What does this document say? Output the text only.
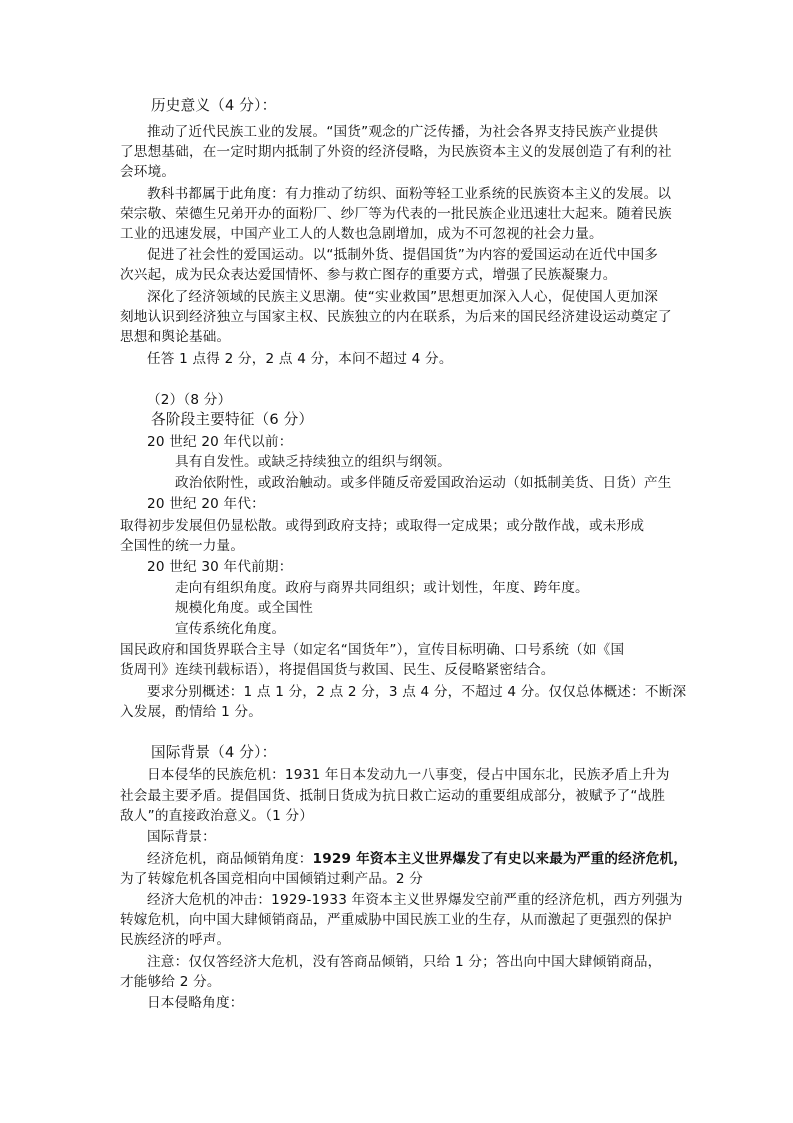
历史意义（4 分）：
推动了近代民族工业的发展。“国货”观念的广泛传播，为社会各界支持民族产业提供
了思想基础，在一定时期内抵制了外资的经济侵略，为民族资本主义的发展创造了有利的社
会环境。
教科书都属于此角度：有力推动了纺织、面粉等轻工业系统的民族资本主义的发展。以
荣宗敬、荣德生兄弟开办的面粉厂、纱厂等为代表的一批民族企业迅速壮大起来。随着民族
工业的迅速发展，中国产业工人的人数也急剧增加，成为不可忽视的社会力量。
促进了社会性的爱国运动。以“抵制外货、提倡国货”为内容的爱国运动在近代中国多
次兴起，成为民众表达爱国情怀、参与救亡图存的重要方式，增强了民族凝聚力。
深化了经济领域的民族主义思潮。使“实业救国”思想更加深入人心，促使国人更加深
刻地认识到经济独立与国家主权、民族独立的内在联系，为后来的国民经济建设运动奠定了
思想和舆论基础。
任答 1 点得 2 分，2 点 4 分，本问不超过 4 分。
（2）（8 分）
各阶段主要特征（6 分）
20 世纪 20 年代以前：
具有自发性。或缺乏持续独立的组织与纲领。
政治依附性，或政治触动。或多伴随反帝爱国政治运动（如抵制美货、日货）产生
20 世纪 20 年代：
取得初步发展但仍显松散。或得到政府支持；或取得一定成果；或分散作战，或未形成
全国性的统一力量。
20 世纪 30 年代前期：
走向有组织角度。政府与商界共同组织；或计划性，年度、跨年度。
规模化角度。或全国性
宣传系统化角度。
国民政府和国货界联合主导（如定名“国货年”），宣传目标明确、口号系统（如《国
货周刊》连续刊载标语），将提倡国货与救国、民生、反侵略紧密结合。
要求分别概述：1 点 1 分，2 点 2 分，3 点 4 分，不超过 4 分。仅仅总体概述：不断深
入发展，酌情给 1 分。
国际背景（4 分）：
日本侵华的民族危机：1931 年日本发动九一八事变，侵占中国东北，民族矛盾上升为
社会最主要矛盾。提倡国货、抵制日货成为抗日救亡运动的重要组成部分，被赋予了“战胜
敌人”的直接政治意义。（1 分）
国际背景：
经济危机，商品倾销角度：1929 年资本主义世界爆发了有史以来最为严重的经济危机，
为了转嫁危机各国竞相向中国倾销过剩产品。2 分
经济大危机的冲击：1929-1933 年资本主义世界爆发空前严重的经济危机，西方列强为
转嫁危机，向中国大肆倾销商品，严重威胁中国民族工业的生存，从而激起了更强烈的保护
民族经济的呼声。
注意：仅仅答经济大危机，没有答商品倾销，只给 1 分；答出向中国大肆倾销商品，
才能够给 2 分。
日本侵略角度：
